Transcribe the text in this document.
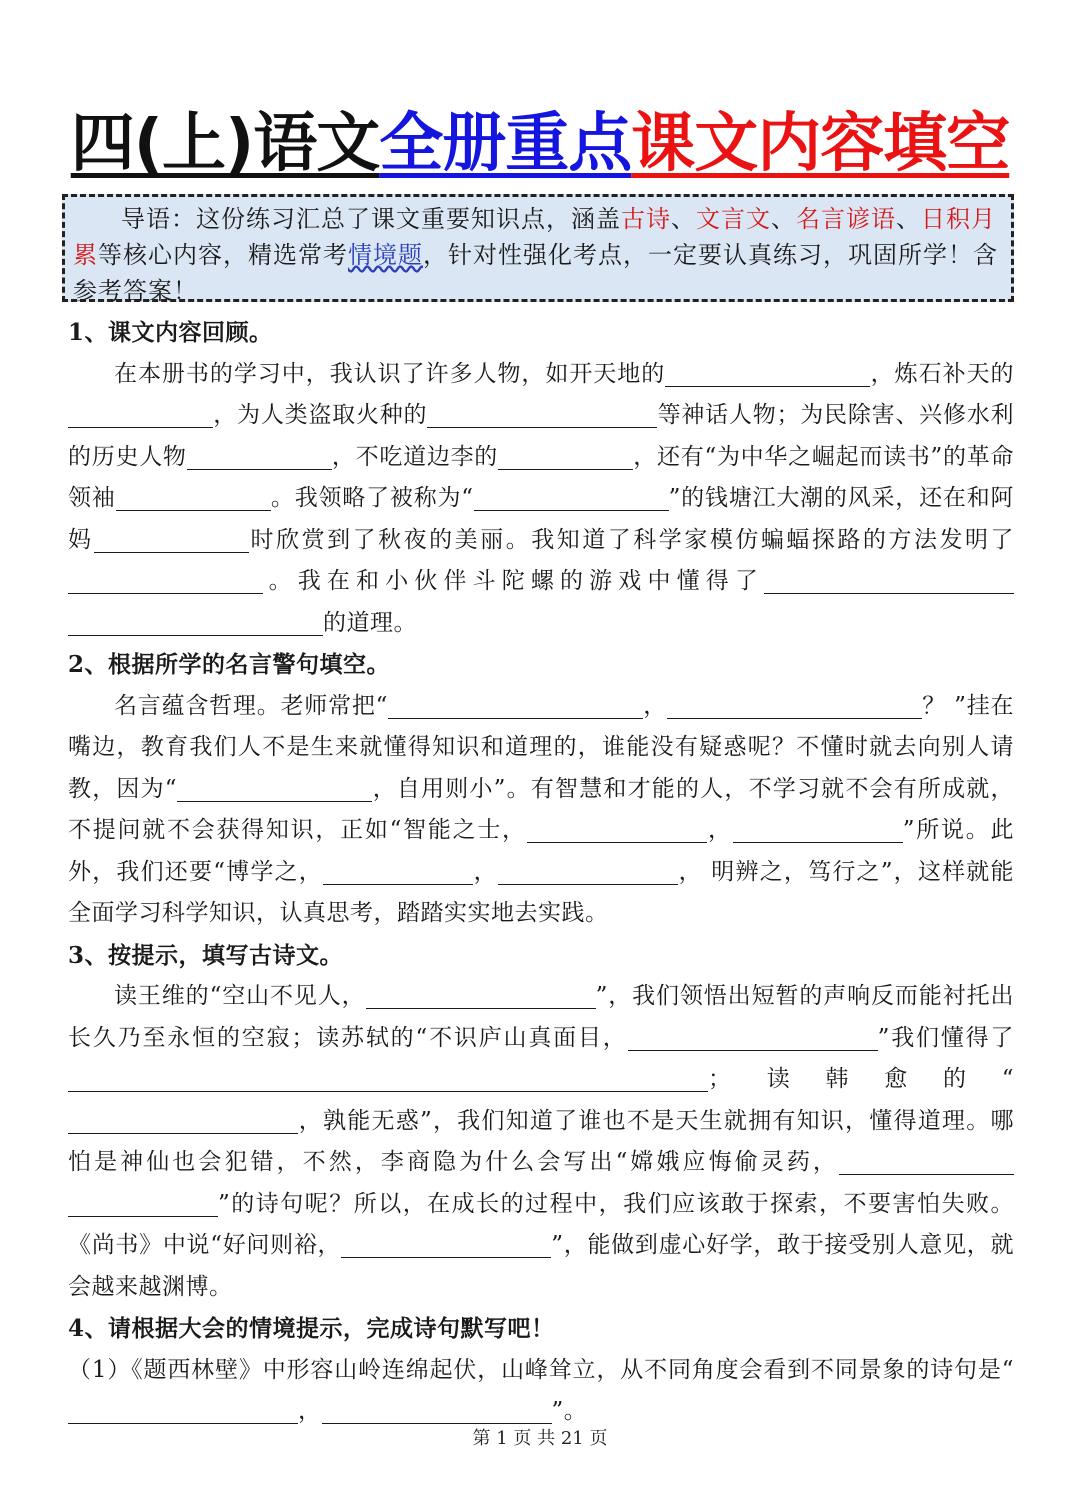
四(上)语文全册重点课文内容填空
导语：这份练习汇总了课文重要知识点，涵盖古诗、文言文、名言谚语、日积月累等核心内容，精选常考情境题，针对性强化考点，一定要认真练习，巩固所学！含参考答案！

1、课文内容回顾。

在本册书的学习中，我认识了许多人物，如开天地的	，炼石补天的，为人类盗取火种的	等神话人物；为民除害、兴修水利的历史人物	，不吃道边李的	，还有“为中华之崛起而读书”的革命领袖	。我领略了被称为“	”的钱塘江大潮的风采，还在和阿妈	时欣赏到了秋夜的美丽。我知道了科学家模仿蝙蝠探路的方法发明了。我在和小伙伴斗陀螺的游戏中懂得了的道理。

2、根据所学的名言警句填空。

名言蕴含哲理。老师常把“	，	？ ”挂在嘴边，教育我们人不是生来就懂得知识和道理的，谁能没有疑惑呢？不懂时就去向别人请教，因为“	，自用则小”。有智慧和才能的人，不学习就不会有所成就，不提问就不会获得知识，正如“智能之士，	，	”所说。此外，我们还要“博学之，	，	， 明辨之，笃行之”，这样就能全面学习科学知识，认真思考，踏踏实实地去实践。

3、按提示，填写古诗文。

读王维的“空山不见人，	”，我们领悟出短暂的声响反而能衬托出长久乃至永恒的空寂；读苏轼的“不识庐山真面目，	”我们懂得了；读韩愈的“，孰能无惑”，我们知道了谁也不是天生就拥有知识，懂得道理。哪怕是神仙也会犯错，不然，李商隐为什么会写出“嫦娥应悔偷灵药，”的诗句呢？所以，在成长的过程中，我们应该敢于探索，不要害怕失败。《尚书》中说“好问则裕，	”，能做到虚心好学，敢于接受别人意见，就会越来越渊博。

4、请根据大会的情境提示，完成诗句默写吧！

（1）《题西林壁》中形容山岭连绵起伏，山峰耸立，从不同角度会看到不同景象的诗句是“，	”。

第 1 页 共 21 页
